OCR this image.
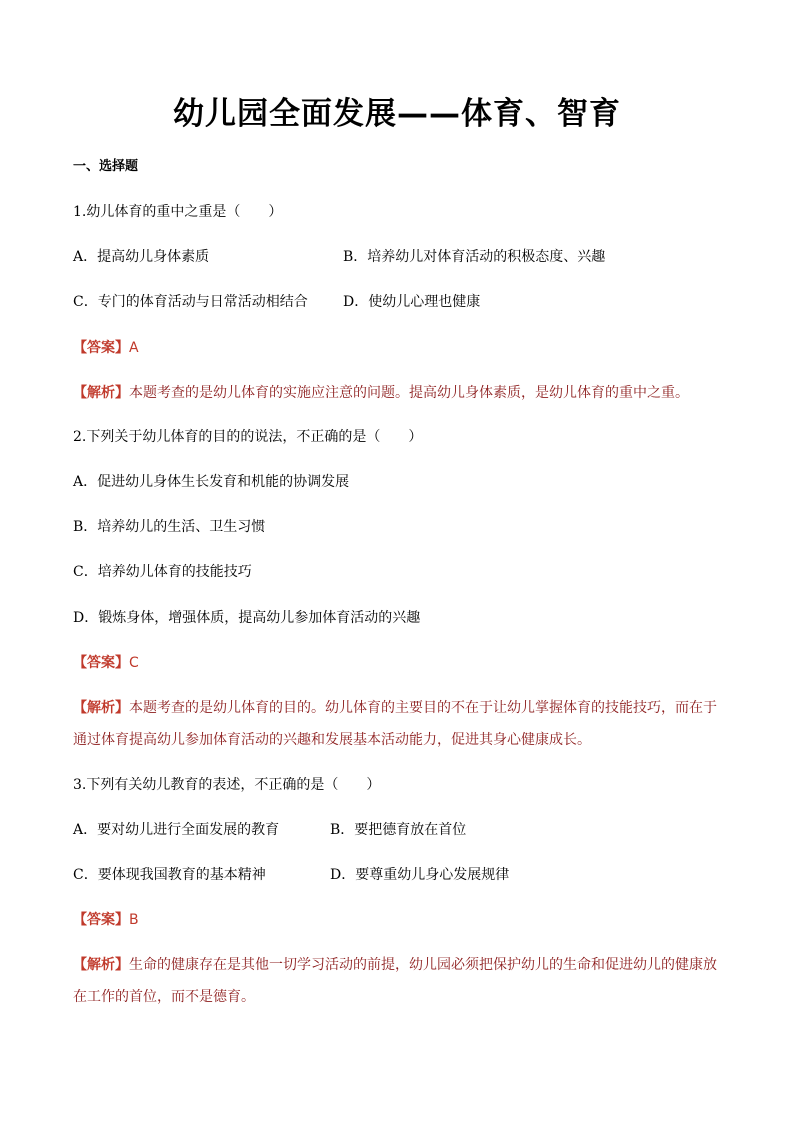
幼儿园全面发展——体育、智育
一、选择题
1.幼儿体育的重中之重是（　　）
A．提高幼儿身体素质	B．培养幼儿对体育活动的积极态度、兴趣
C．专门的体育活动与日常活动相结合	D．使幼儿心理也健康
【答案】A
【解析】本题考查的是幼儿体育的实施应注意的问题。提高幼儿身体素质，是幼儿体育的重中之重。
2.下列关于幼儿体育的目的的说法，不正确的是（　　）
A．促进幼儿身体生长发育和机能的协调发展
B．培养幼儿的生活、卫生习惯
C．培养幼儿体育的技能技巧
D．锻炼身体，增强体质，提高幼儿参加体育活动的兴趣
【答案】C
【解析】本题考查的是幼儿体育的目的。幼儿体育的主要目的不在于让幼儿掌握体育的技能技巧，而在于通过体育提高幼儿参加体育活动的兴趣和发展基本活动能力，促进其身心健康成长。
3.下列有关幼儿教育的表述，不正确的是（　　）
A．要对幼儿进行全面发展的教育	B．要把德育放在首位
C．要体现我国教育的基本精神	D．要尊重幼儿身心发展规律
【答案】B
【解析】生命的健康存在是其他一切学习活动的前提，幼儿园必须把保护幼儿的生命和促进幼儿的健康放在工作的首位，而不是德育。
